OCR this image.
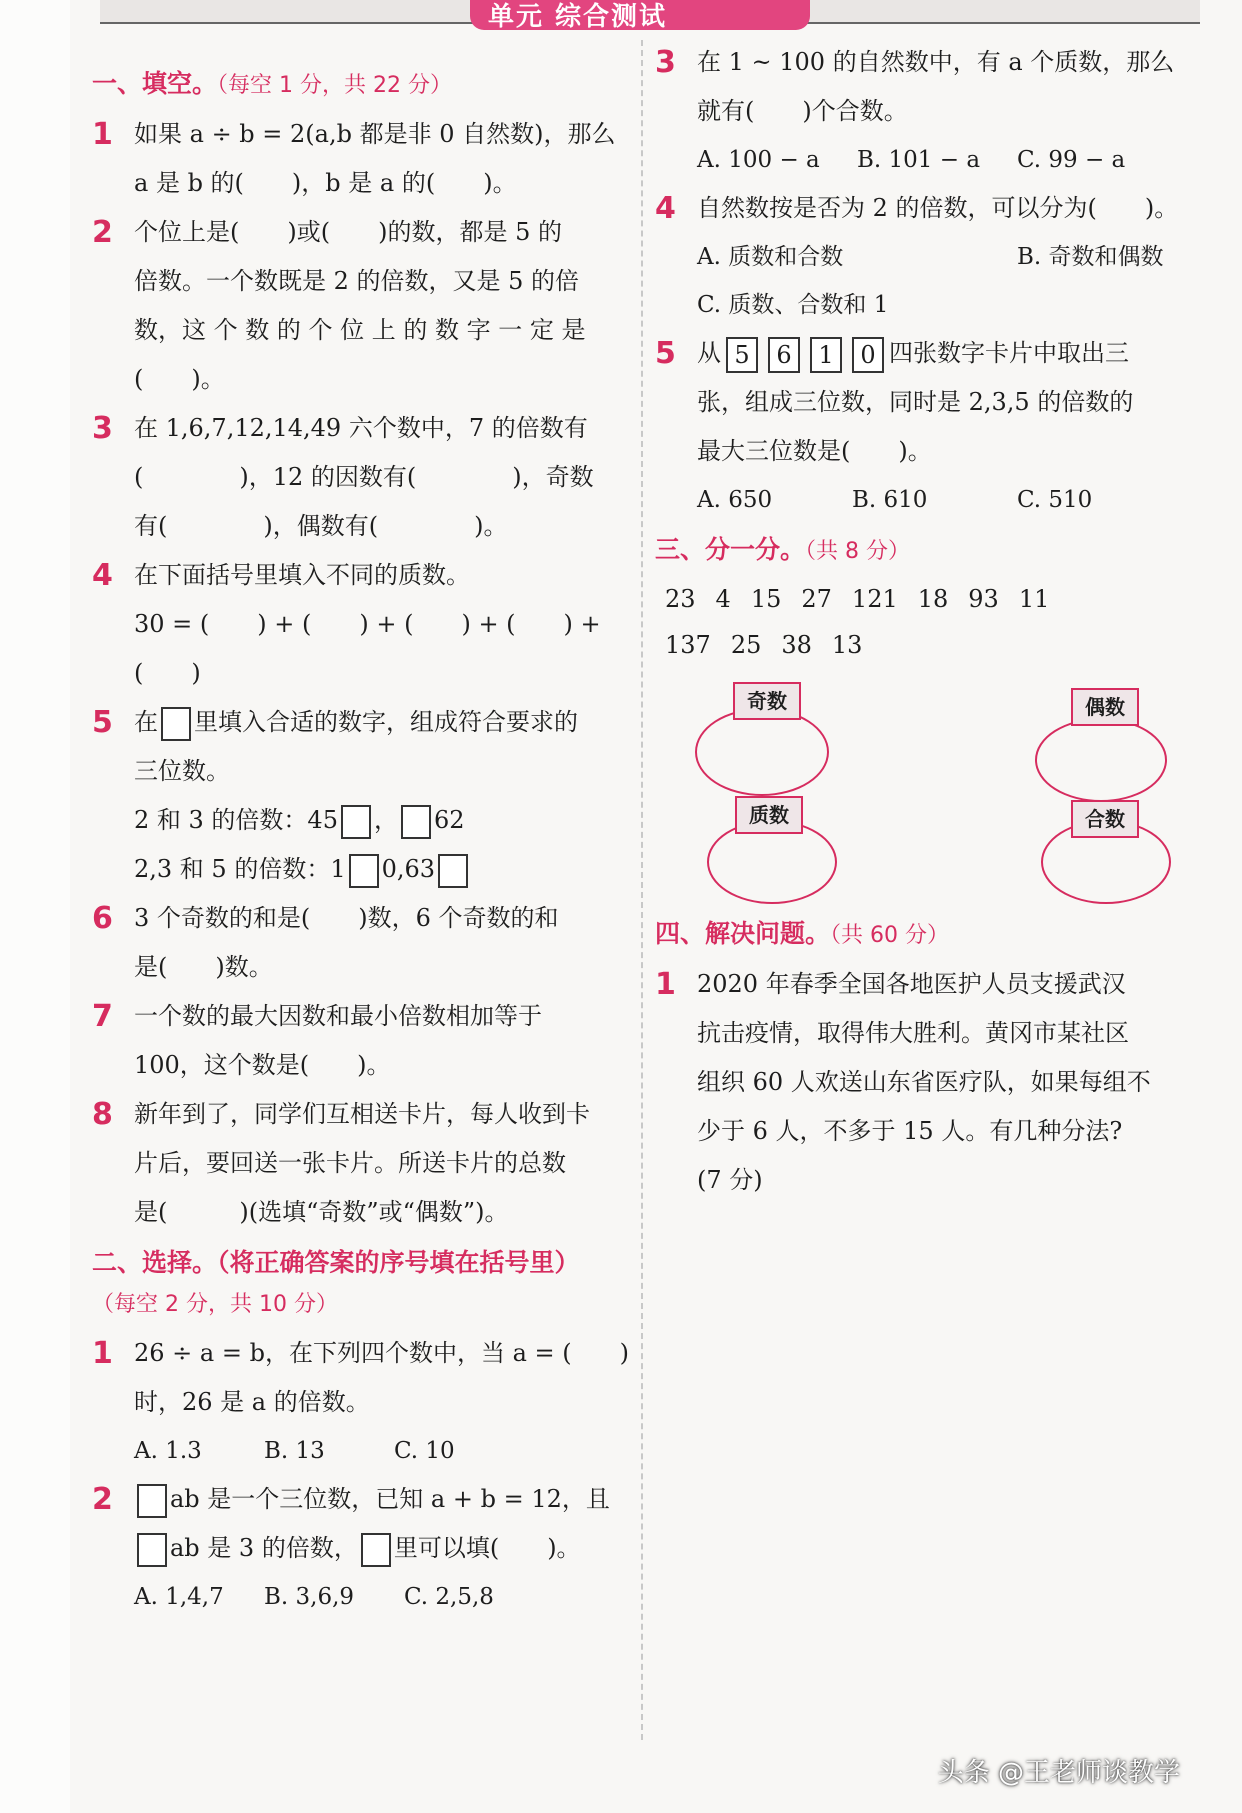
单元 综合测试
一、填空。（每空 1 分，共 22 分）
1 如果 a ÷ b = 2(a,b 都是非 0 自然数)，那么
a 是 b 的(　　)，b 是 a 的(　　)。
2 个位上是(　　)或(　　)的数，都是 5 的
倍数。一个数既是 2 的倍数，又是 5 的倍
数，这 个 数 的 个 位 上 的 数 字 一 定 是
(　　)。
3 在 1,6,7,12,14,49 六个数中，7 的倍数有
(　　　　)，12 的因数有(　　　　)，奇数
有(　　　　)，偶数有(　　　　)。
4 在下面括号里填入不同的质数。
30 = (　　) + (　　) + (　　) + (　　) +
(　　)
5 在 里填入合适的数字，组成符合要求的
三位数。
2 和 3 的倍数：45 ， 62
2,3 和 5 的倍数：1 0,63
6 3 个奇数的和是(　　)数，6 个奇数的和
是(　　)数。
7 一个数的最大因数和最小倍数相加等于
100，这个数是(　　)。
8 新年到了，同学们互相送卡片，每人收到卡
片后，要回送一张卡片。所送卡片的总数
是(　　　)(选填“奇数”或“偶数”)。
二、选择。（将正确答案的序号填在括号里）
（每空 2 分，共 10 分）
1 26 ÷ a = b，在下列四个数中，当 a = (　　)
时，26 是 a 的倍数。
A. 1.3	B. 13	C. 10
2	ab 是一个三位数，已知 a + b = 12，且
ab 是 3 的倍数， 里可以填(　　)。
A. 1,4,7	B. 3,6,9	C. 2,5,8
3 在 1 ~ 100 的自然数中，有 a 个质数，那么
就有(　　)个合数。
A. 100 − a	B. 101 − a	C. 99 − a
4 自然数按是否为 2 的倍数，可以分为(　　)。
A. 质数和合数	B. 奇数和偶数
C. 质数、合数和 1
5 从 5 6 1 0 四张数字卡片中取出三
张，组成三位数，同时是 2,3,5 的倍数的
最大三位数是(　　)。
A. 650	B. 610	C. 510
三、分一分。（共 8 分）
23 4 15 27 121 18 93 11
137 25 38 13
奇数	偶数
质数	合数
四、解决问题。（共 60 分）
1 2020 年春季全国各地医护人员支援武汉
抗击疫情，取得伟大胜利。黄冈市某社区
组织 60 人欢送山东省医疗队，如果每组不
少于 6 人，不多于 15 人。有几种分法?
(7 分)
头条 @王老师谈教学
